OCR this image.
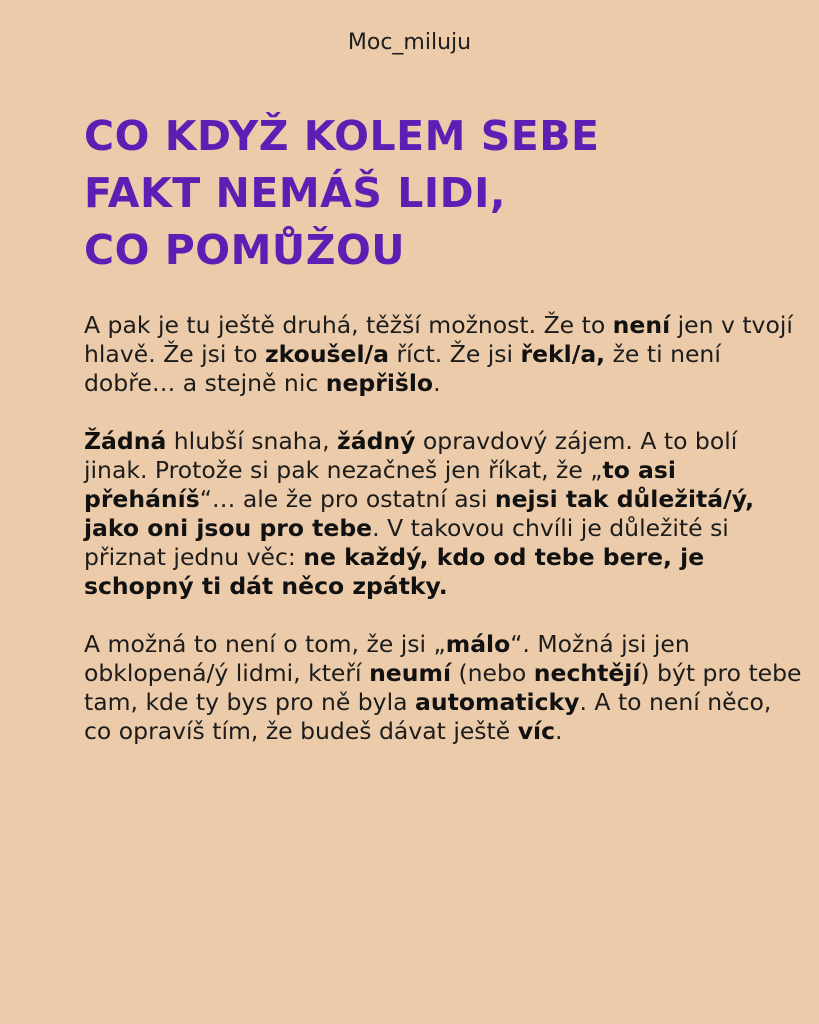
Moc_miluju
CO KDYŽ KOLEM SEBE
FAKT NEMÁŠ LIDI,
CO POMŮŽOU

A pak je tu ještě druhá, těžší možnost. Že to není jen v tvojí hlavě. Že jsi to zkoušel/a říct. Že jsi řekl/a, že ti není dobře… a stejně nic nepřišlo.

Žádná hlubší snaha, žádný opravdový zájem. A to bolí jinak. Protože si pak nezačneš jen říkat, že „to asi přeháníš“… ale že pro ostatní asi nejsi tak důležitá/ý, jako oni jsou pro tebe. V takovou chvíli je důležité si přiznat jednu věc: ne každý, kdo od tebe bere, je schopný ti dát něco zpátky.

A možná to není o tom, že jsi „málo“. Možná jsi jen obklopená/ý lidmi, kteří neumí (nebo nechtějí) být pro tebe tam, kde ty bys pro ně byla automaticky. A to není něco, co opravíš tím, že budeš dávat ještě víc.
